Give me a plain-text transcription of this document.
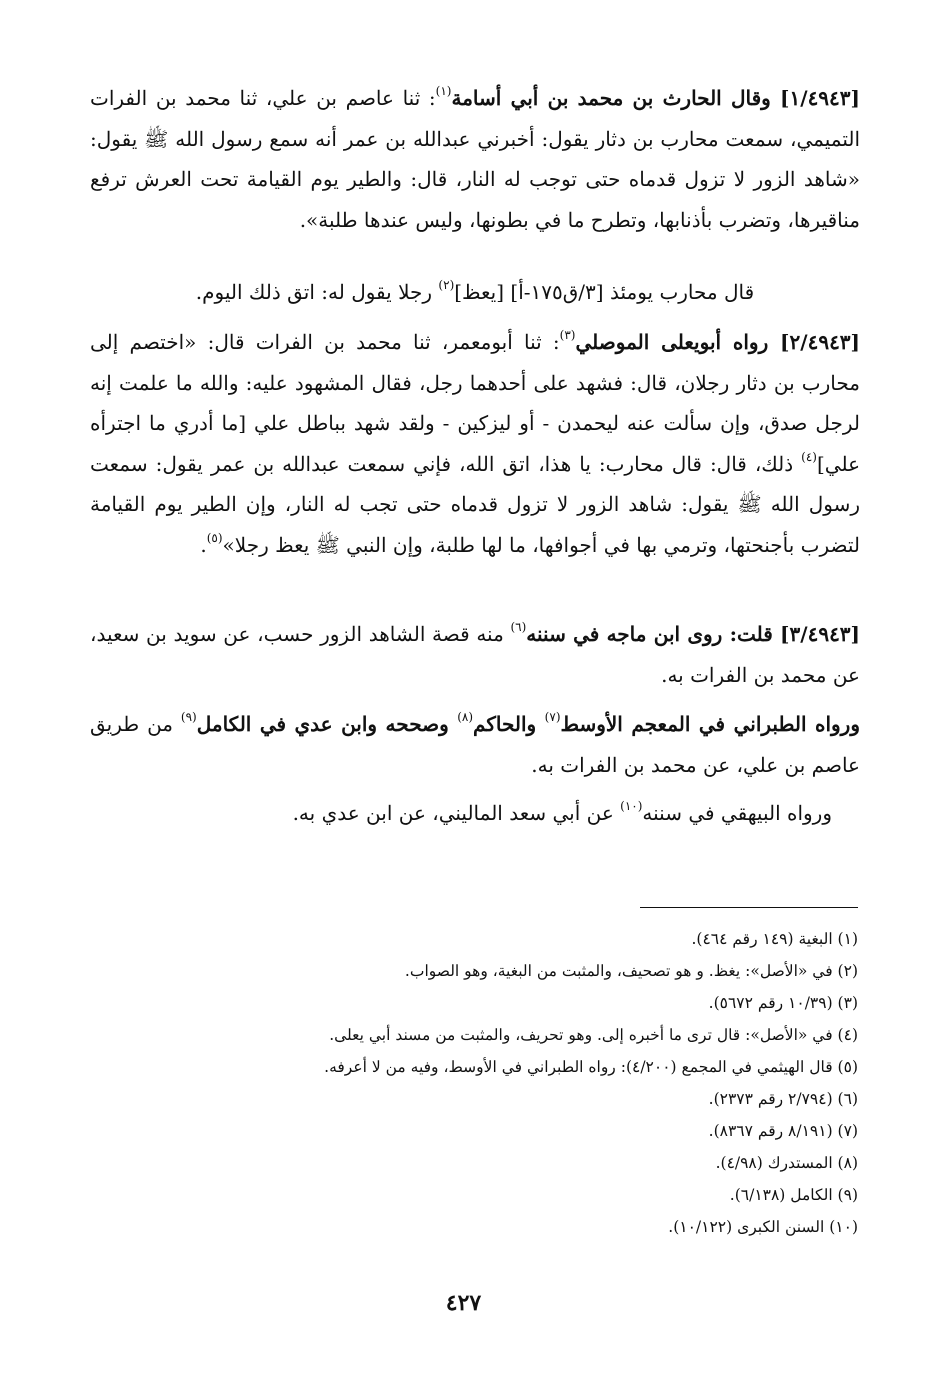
[١/٤٩٤٣] وقال الحارث بن محمد بن أبي أسامة$^{(١)}$: ثنا عاصم بن علي، ثنا محمد بن الفرات التميمي، سمعت محارب بن دثار يقول: أخبرني عبدالله بن عمر أنه سمع رسول الله ﷺ يقول: «شاهد الزور لا تزول قدماه حتى توجب له النار، قال: والطير يوم القيامة تحت العرش ترفع مناقيرها، وتضرب بأذنابها، وتطرح ما في بطونها، وليس عندها طلبة».

قال محارب يومئذ [٣/ق١٧٥-أ] [يعظ]$^{(٢)}$ رجلا يقول له: اتق ذلك اليوم.

[٢/٤٩٤٣] رواه أبويعلى الموصلي$^{(٣)}$: ثنا أبومعمر، ثنا محمد بن الفرات قال: «اختصم إلى محارب بن دثار رجلان، قال: فشهد على أحدهما رجل، فقال المشهود عليه: والله ما علمت إنه لرجل صدق، وإن سألت عنه ليحمدن - أو ليزكين - ولقد شهد بباطل علي [ما أدري ما اجترأه علي]$^{(٤)}$ ذلك، قال: قال محارب: يا هذا، اتق الله، فإني سمعت عبدالله بن عمر يقول: سمعت رسول الله ﷺ يقول: شاهد الزور لا تزول قدماه حتى تجب له النار، وإن الطير يوم القيامة لتضرب بأجنحتها، وترمي بها في أجوافها، ما لها طلبة، وإن النبي ﷺ يعظ رجلا»$^{(٥)}$.

[٣/٤٩٤٣] قلت: روى ابن ماجه في سننه$^{(٦)}$ منه قصة الشاهد الزور حسب، عن سويد بن سعيد، عن محمد بن الفرات به.

ورواه الطبراني في المعجم الأوسط$^{(٧)}$ والحاكم$^{(٨)}$ وصححه وابن عدي في الكامل$^{(٩)}$ من طريق عاصم بن علي، عن محمد بن الفرات به.

ورواه البيهقي في سننه$^{(١٠)}$ عن أبي سعد الماليني، عن ابن عدي به.

(١) البغية (١٤٩ رقم ٤٦٤).
(٢) في «الأصل»: يغظ. و هو تصحيف، والمثبت من البغية، وهو الصواب.
(٣) (١٠/٣٩ رقم ٥٦٧٢).
(٤) في «الأصل»: قال ترى ما أخبره إلى. وهو تحريف، والمثبت من مسند أبي يعلى.
(٥) قال الهيثمي في المجمع (٤/٢٠٠): رواه الطبراني في الأوسط، وفيه من لا أعرفه.
(٦) (٢/٧٩٤ رقم ٢٣٧٣).
(٧) (٨/١٩١ رقم ٨٣٦٧).
(٨) المستدرك (٤/٩٨).
(٩) الكامل (٦/١٣٨).
(١٠) السنن الكبرى (١٠/١٢٢).
٤٢٧
